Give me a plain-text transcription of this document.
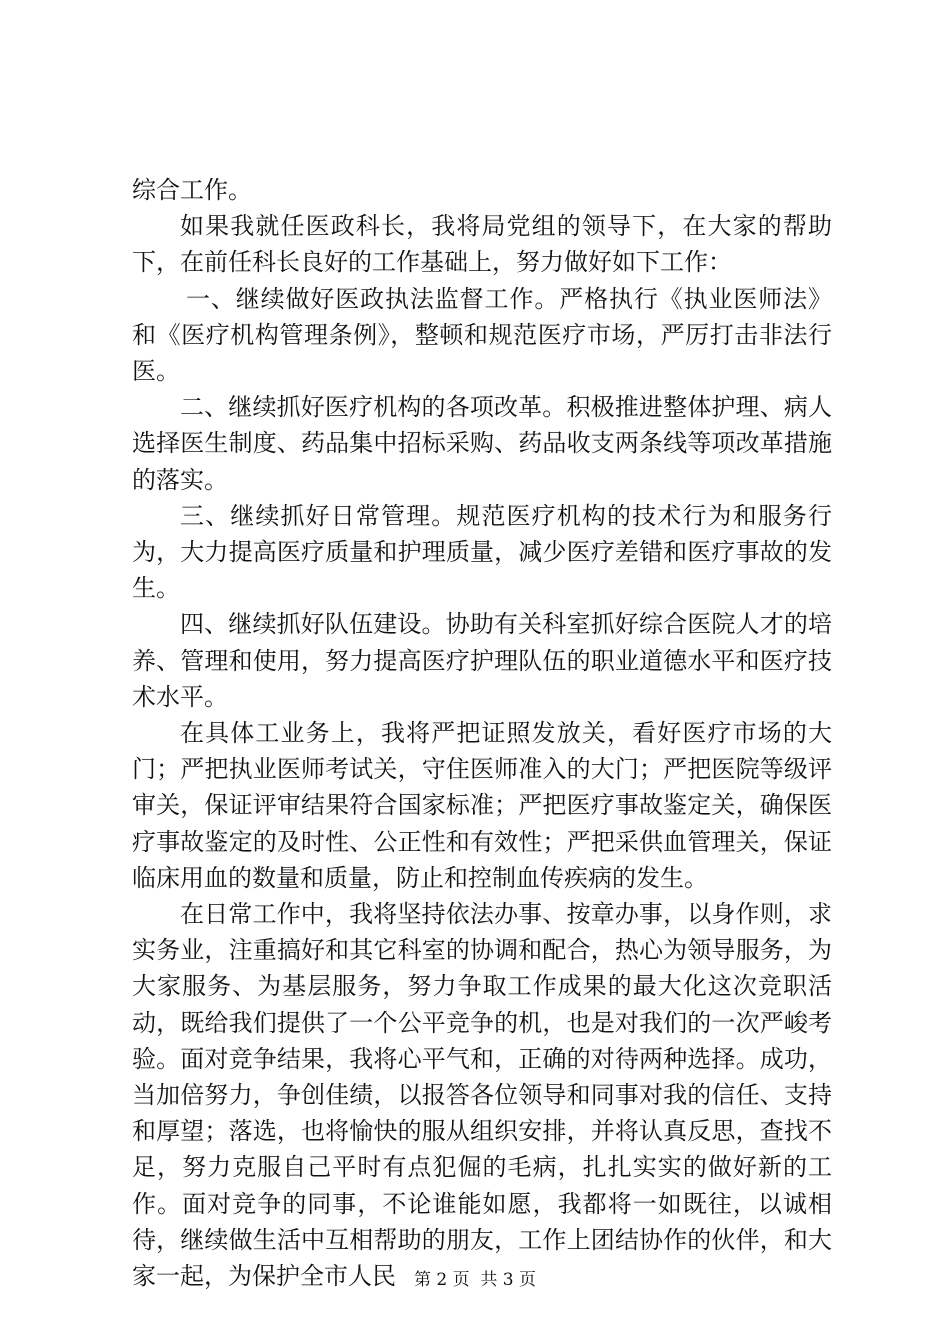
综合工作。

如果我就任医政科长，我将局党组的领导下，在大家的帮助下，在前任科长良好的工作基础上，努力做好如下工作：

一、继续做好医政执法监督工作。严格执行《执业医师法》和《医疗机构管理条例》，整顿和规范医疗市场，严厉打击非法行医。

二、继续抓好医疗机构的各项改革。积极推进整体护理、病人选择医生制度、药品集中招标采购、药品收支两条线等项改革措施的落实。

三、继续抓好日常管理。规范医疗机构的技术行为和服务行为，大力提高医疗质量和护理质量，减少医疗差错和医疗事故的发生。

四、继续抓好队伍建设。协助有关科室抓好综合医院人才的培养、管理和使用，努力提高医疗护理队伍的职业道德水平和医疗技术水平。

在具体工业务上，我将严把证照发放关，看好医疗市场的大门；严把执业医师考试关，守住医师准入的大门；严把医院等级评审关，保证评审结果符合国家标准；严把医疗事故鉴定关，确保医疗事故鉴定的及时性、公正性和有效性；严把采供血管理关，保证临床用血的数量和质量，防止和控制血传疾病的发生。

在日常工作中，我将坚持依法办事、按章办事，以身作则，求实务业，注重搞好和其它科室的协调和配合，热心为领导服务，为大家服务、为基层服务，努力争取工作成果的最大化这次竞职活动，既给我们提供了一个公平竞争的机，也是对我们的一次严峻考验。面对竞争结果，我将心平气和，正确的对待两种选择。成功，当加倍努力，争创佳绩，以报答各位领导和同事对我的信任、支持和厚望；落选，也将愉快的服从组织安排，并将认真反思，查找不足，努力克服自己平时有点犯倔的毛病，扎扎实实的做好新的工作。面对竞争的同事，不论谁能如愿，我都将一如既往，以诚相待，继续做生活中互相帮助的朋友，工作上团结协作的伙伴，和大家一起，为保护全市人民	第 2 页  共 3 页
